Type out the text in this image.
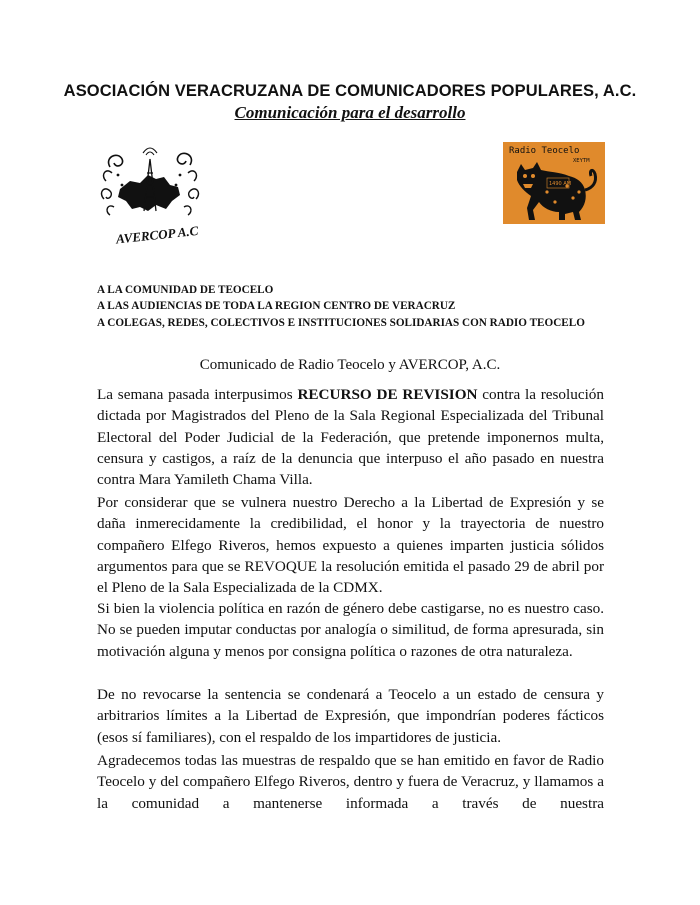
ASOCIACIÓN VERACRUZANA DE COMUNICADORES POPULARES, A.C.
Comunicación para el desarrollo
AVERCOP A.C
Radio Teocelo
XEYTM
1490 AM
A LA COMUNIDAD DE TEOCELO
A LAS AUDIENCIAS DE TODA LA REGION CENTRO DE VERACRUZ
A COLEGAS, REDES, COLECTIVOS E INSTITUCIONES SOLIDARIAS CON RADIO TEOCELO
Comunicado de Radio Teocelo y AVERCOP, A.C.

La semana pasada interpusimos RECURSO DE REVISION contra la resolución dictada por Magistrados del Pleno de la Sala Regional Especializada del Tribunal Electoral del Poder Judicial de la Federación, que pretende imponernos multa, censura y castigos, a raíz de la denuncia que interpuso el año pasado en nuestra contra Mara Yamileth Chama Villa.

Por considerar que se vulnera nuestro Derecho a la Libertad de Expresión y se daña inmerecidamente la credibilidad, el honor y la trayectoria de nuestro compañero Elfego Riveros, hemos expuesto a quienes imparten justicia sólidos argumentos para que se REVOQUE la resolución emitida el pasado 29 de abril por el Pleno de la Sala Especializada de la CDMX.

Si bien la violencia política en razón de género debe castigarse, no es nuestro caso. No se pueden imputar conductas por analogía o similitud, de forma apresurada, sin motivación alguna y menos por consigna política o razones de otra naturaleza.

De no revocarse la sentencia se condenará a Teocelo a un estado de censura y arbitrarios límites a la Libertad de Expresión, que impondrían poderes fácticos (esos sí familiares), con el respaldo de los impartidores de justicia.

Agradecemos todas las muestras de respaldo que se han emitido en favor de Radio Teocelo y del compañero Elfego Riveros, dentro y fuera de Veracruz, y llamamos a la comunidad a mantenerse informada a través de nuestra
